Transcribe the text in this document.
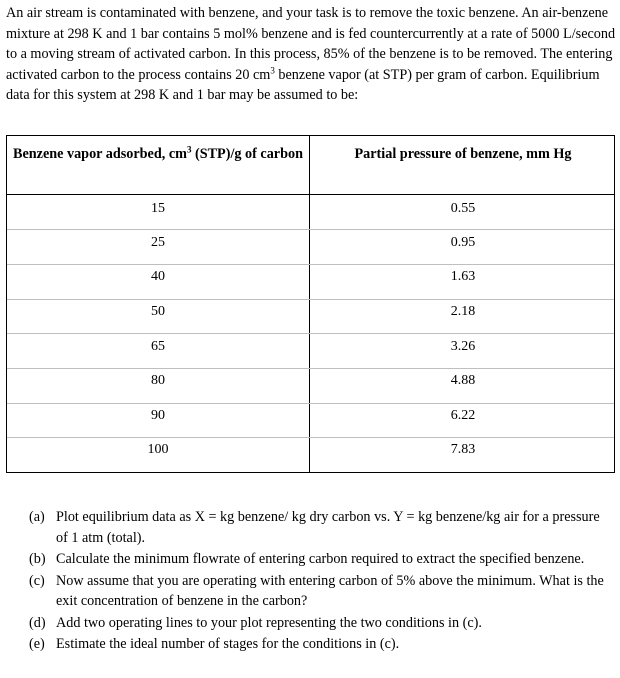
An air stream is contaminated with benzene, and your task is to remove the toxic benzene. An air-benzene mixture at 298 K and 1 bar contains 5 mol% benzene and is fed countercurrently at a rate of 5000 L/second to a moving stream of activated carbon. In this process, 85% of the benzene is to be removed. The entering activated carbon to the process contains 20 $cm^3$ benzene vapor (at STP) per gram of carbon. Equilibrium data for this system at 298 K and 1 bar may be assumed to be:

Benzene vapor adsorbed, $cm^3$ (STP)/g of carbon	Partial pressure of benzene, mm Hg
15	0.55
25	0.95
40	1.63
50	2.18
65	3.26
80	4.88
90	6.22
100	7.83
(a) Plot equilibrium data as X = kg benzene/ kg dry carbon vs. Y = kg benzene/kg air for a pressure of 1 atm (total).
(b) Calculate the minimum flowrate of entering carbon required to extract the specified benzene.
(c) Now assume that you are operating with entering carbon of 5% above the minimum. What is the exit concentration of benzene in the carbon?
(d) Add two operating lines to your plot representing the two conditions in (c).
(e) Estimate the ideal number of stages for the conditions in (c).
